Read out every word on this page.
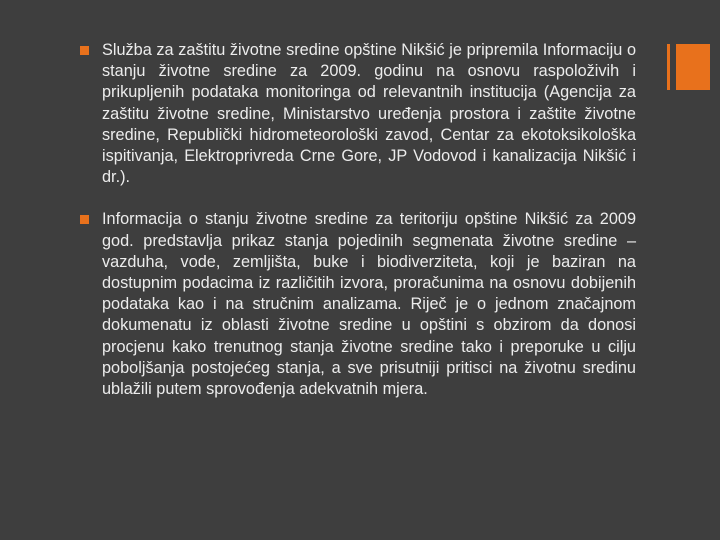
Služba za zaštitu životne sredine opštine Nikšić je pripremila Informaciju o stanju životne sredine za 2009. godinu na osnovu raspoloživih i prikupljenih podataka monitoringa od relevantnih institucija (Agencija za zaštitu životne sredine, Ministarstvo uređenja prostora i zaštite životne sredine, Republički hidrometeorološki zavod, Centar za ekotoksikološka ispitivanja, Elektroprivreda Crne Gore, JP Vodovod i kanalizacija Nikšić i dr.).

Informacija o stanju životne sredine za teritoriju opštine Nikšić za 2009 god. predstavlja prikaz stanja pojedinih segmenata životne sredine – vazduha, vode, zemljišta, buke i biodiverziteta, koji je baziran na dostupnim podacima iz različitih izvora, proračunima na osnovu dobijenih podataka kao i na stručnim analizama. Riječ je o jednom značajnom dokumenatu iz oblasti životne sredine u opštini s obzirom da donosi procjenu kako trenutnog stanja životne sredine tako i preporuke u cilju poboljšanja postojećeg stanja, a sve prisutniji pritisci na životnu sredinu ublažili putem sprovođenja adekvatnih mjera.
